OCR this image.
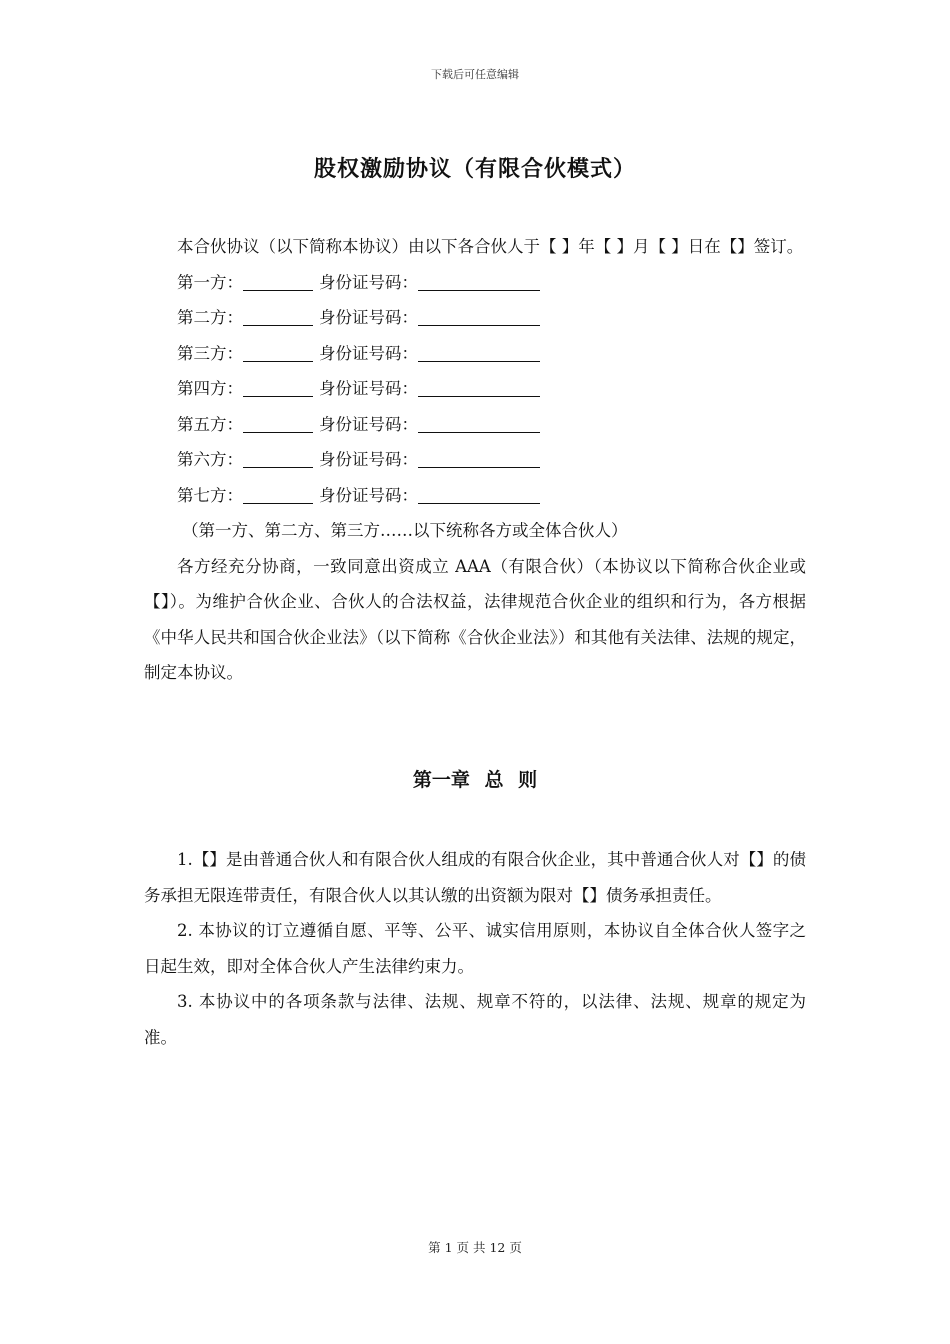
下载后可任意编辑
股权激励协议（有限合伙模式）

本合伙协议（以下简称本协议）由以下各合伙人于【 】年【 】月【 】日在【】签订。

第一方：	身份证号码：

第二方：	身份证号码：

第三方：	身份证号码：

第四方：	身份证号码：

第五方：	身份证号码：

第六方：	身份证号码：

第七方：	身份证号码：

（第一方、第二方、第三方……以下统称各方或全体合伙人）

各方经充分协商，一致同意出资成立 AAA（有限合伙）（本协议以下简称合伙企业或【】）。为维护合伙企业、合伙人的合法权益，法律规范合伙企业的组织和行为，各方根据《中华人民共和国合伙企业法》（以下简称《合伙企业法》）和其他有关法律、法规的规定，制定本协议。

第一章 总 则

1.【】是由普通合伙人和有限合伙人组成的有限合伙企业，其中普通合伙人对【】的债务承担无限连带责任，有限合伙人以其认缴的出资额为限对【】债务承担责任。

2. 本协议的订立遵循自愿、平等、公平、诚实信用原则，本协议自全体合伙人签字之日起生效，即对全体合伙人产生法律约束力。

3. 本协议中的各项条款与法律、法规、规章不符的，以法律、法规、规章的规定为准。

第 1 页 共 12 页
